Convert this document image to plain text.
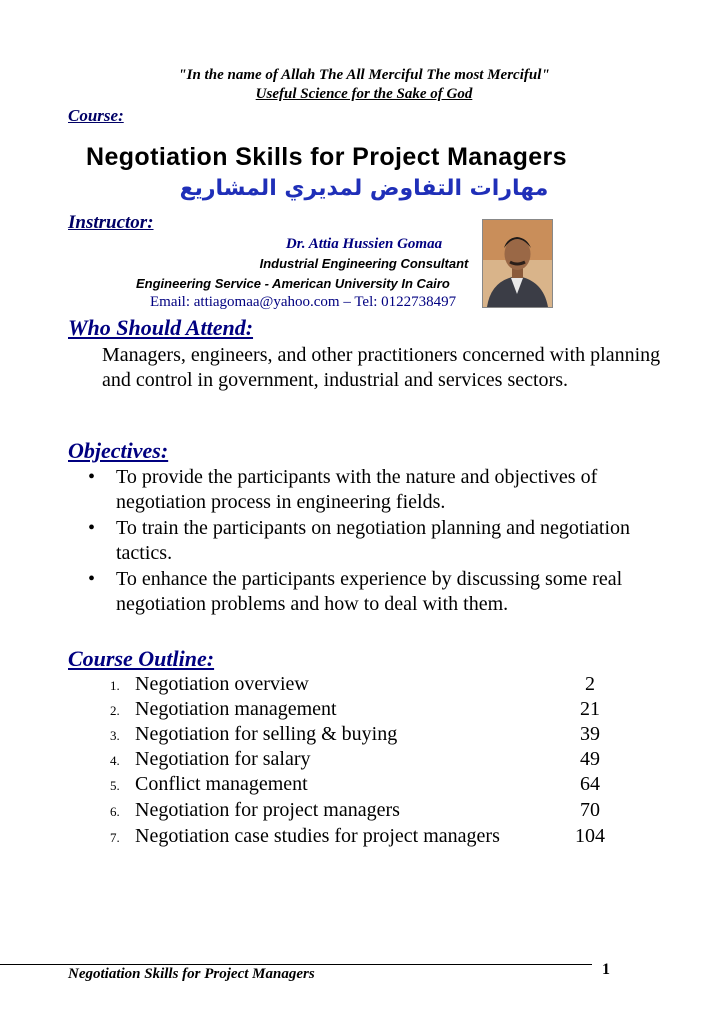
"In the name of Allah The All Merciful The most Merciful"
Useful Science for the Sake of God
Course:
Negotiation Skills for Project Managers
مهارات التفاوض لمديري المشاريع
Instructor:
Dr. Attia Hussien Gomaa
Industrial Engineering Consultant
Engineering Service - American University In Cairo
Email: attiagomaa@yahoo.com – Tel: 0122738497
Who Should Attend:
Managers, engineers, and other practitioners concerned with planning and control in government, industrial and services sectors.
Objectives:
• To provide the participants with the nature and objectives of negotiation process in engineering fields.
• To train the participants on negotiation planning and negotiation tactics.
• To enhance the participants experience by discussing some real negotiation problems and how to deal with them.
Course Outline:
1. Negotiation overview	2
2. Negotiation management	21
3. Negotiation for selling & buying	39
4. Negotiation for salary	49
5. Conflict management	64
6. Negotiation for project managers	70
7. Negotiation case studies for project managers	104
Negotiation Skills for Project Managers	1
